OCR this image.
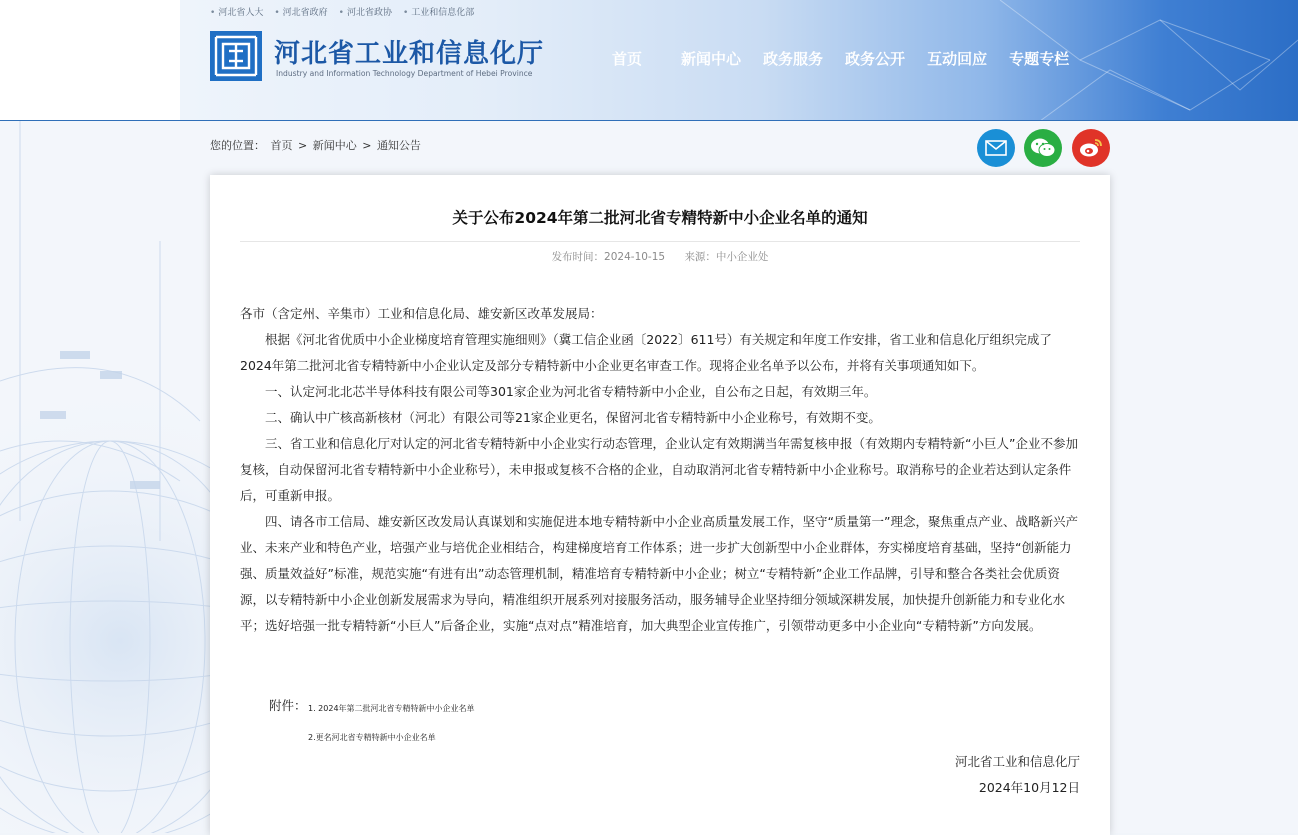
• 河北省人大	• 河北省政府	• 河北省政协	• 工业和信息化部
河北省工业和信息化厅
Industry and Information Technology Department of Hebei Province
首页	新闻中心 政务服务 政务公开 互动回应 专题专栏
您的位置： 首页 > 新闻中心 > 通知公告
关于公布2024年第二批河北省专精特新中小企业名单的通知
发布时间：2024-10-15 来源：中小企业处

各市（含定州、辛集市）工业和信息化局、雄安新区改革发展局：

根据《河北省优质中小企业梯度培育管理实施细则》（冀工信企业函〔2022〕611号）有关规定和年度工作安排，省工业和信息化厅组织完成了2024年第二批河北省专精特新中小企业认定及部分专精特新中小企业更名审查工作。现将企业名单予以公布，并将有关事项通知如下。

一、认定河北北芯半导体科技有限公司等301家企业为河北省专精特新中小企业，自公布之日起，有效期三年。

二、确认中广核高新核材（河北）有限公司等21家企业更名，保留河北省专精特新中小企业称号，有效期不变。

三、省工业和信息化厅对认定的河北省专精特新中小企业实行动态管理，企业认定有效期满当年需复核申报（有效期内专精特新“小巨人”企业不参加复核，自动保留河北省专精特新中小企业称号），未申报或复核不合格的企业，自动取消河北省专精特新中小企业称号。取消称号的企业若达到认定条件后，可重新申报。

四、请各市工信局、雄安新区改发局认真谋划和实施促进本地专精特新中小企业高质量发展工作，坚守“质量第一”理念，聚焦重点产业、战略新兴产业、未来产业和特色产业，培强产业与培优企业相结合，构建梯度培育工作体系；进一步扩大创新型中小企业群体，夯实梯度培育基础，坚持“创新能力强、质量效益好”标准，规范实施“有进有出”动态管理机制，精准培育专精特新中小企业；树立“专精特新”企业工作品牌，引导和整合各类社会优质资源，以专精特新中小企业创新发展需求为导向，精准组织开展系列对接服务活动，服务辅导企业坚持细分领域深耕发展，加快提升创新能力和专业化水平；选好培强一批专精特新“小巨人”后备企业，实施“点对点”精准培育，加大典型企业宣传推广，引领带动更多中小企业向“专精特新”方向发展。

附件： 1. 2024年第二批河北省专精特新中小企业名单
2.更名河北省专精特新中小企业名单
河北省工业和信息化厅
2024年10月12日
